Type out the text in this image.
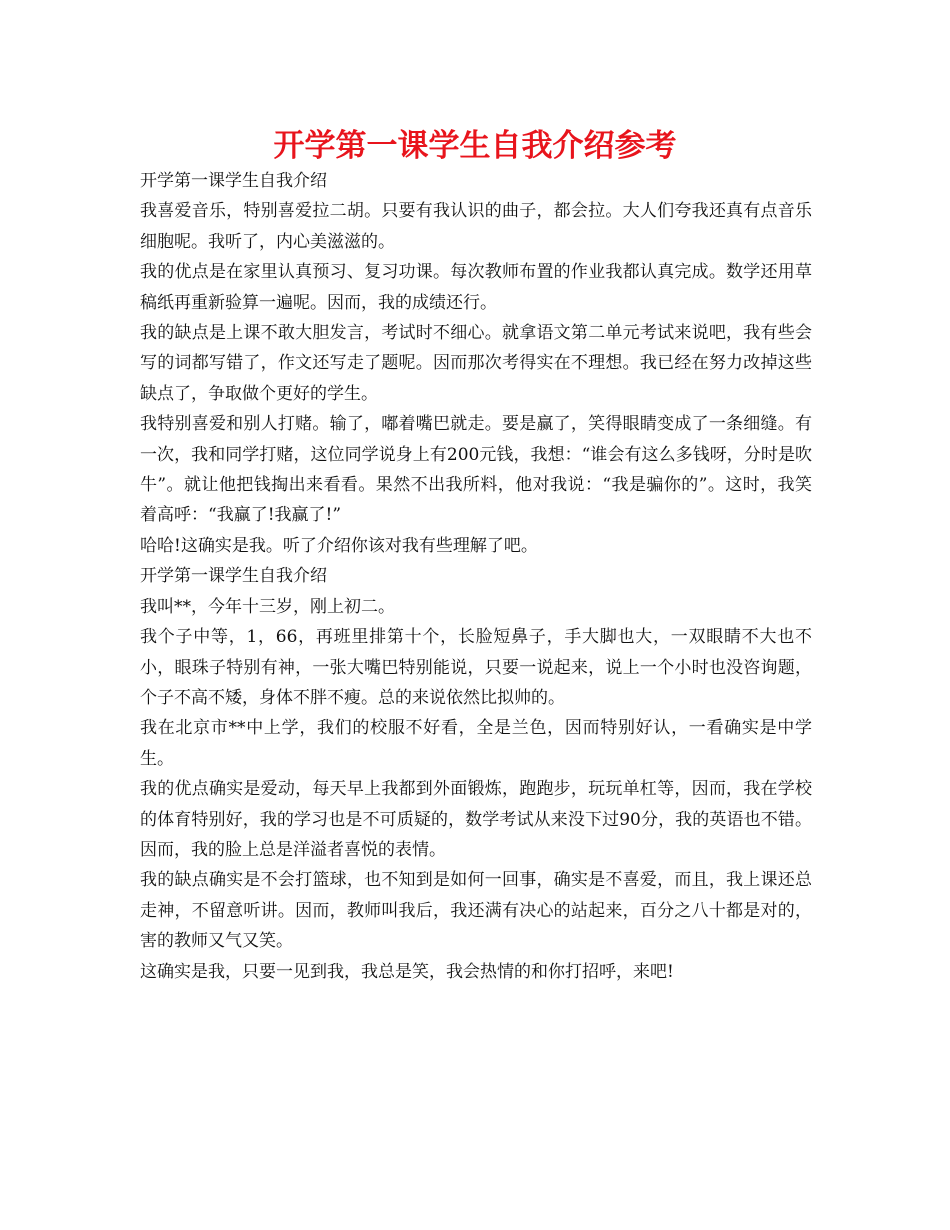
开学第一课学生自我介绍参考

开学第一课学生自我介绍

我喜爱音乐，特别喜爱拉二胡。只要有我认识的曲子，都会拉。大人们夸我还真有点音乐细胞呢。我听了，内心美滋滋的。

我的优点是在家里认真预习、复习功课。每次教师布置的作业我都认真完成。数学还用草稿纸再重新验算一遍呢。因而，我的成绩还行。

我的缺点是上课不敢大胆发言，考试时不细心。就拿语文第二单元考试来说吧，我有些会写的词都写错了，作文还写走了题呢。因而那次考得实在不理想。我已经在努力改掉这些缺点了，争取做个更好的学生。

我特别喜爱和别人打赌。输了，嘟着嘴巴就走。要是赢了，笑得眼睛变成了一条细缝。有一次，我和同学打赌，这位同学说身上有200元钱，我想：“谁会有这么多钱呀，分时是吹牛”。就让他把钱掏出来看看。果然不出我所料，他对我说：“我是骗你的”。这时，我笑着高呼：“我赢了!我赢了!”

哈哈!这确实是我。听了介绍你该对我有些理解了吧。

开学第一课学生自我介绍

我叫**，今年十三岁，刚上初二。

我个子中等，1，66，再班里排第十个，长脸短鼻子，手大脚也大，一双眼睛不大也不小，眼珠子特别有神，一张大嘴巴特别能说，只要一说起来，说上一个小时也没咨询题，个子不高不矮，身体不胖不瘦。总的来说依然比拟帅的。

我在北京市**中上学，我们的校服不好看，全是兰色，因而特别好认，一看确实是中学生。

我的优点确实是爱动，每天早上我都到外面锻炼，跑跑步，玩玩单杠等，因而，我在学校的体育特别好，我的学习也是不可质疑的，数学考试从来没下过90分，我的英语也不错。因而，我的脸上总是洋溢者喜悦的表情。

我的缺点确实是不会打篮球，也不知到是如何一回事，确实是不喜爱，而且，我上课还总走神，不留意听讲。因而，教师叫我后，我还满有决心的站起来，百分之八十都是对的，害的教师又气又笑。

这确实是我，只要一见到我，我总是笑，我会热情的和你打招呼，来吧!
